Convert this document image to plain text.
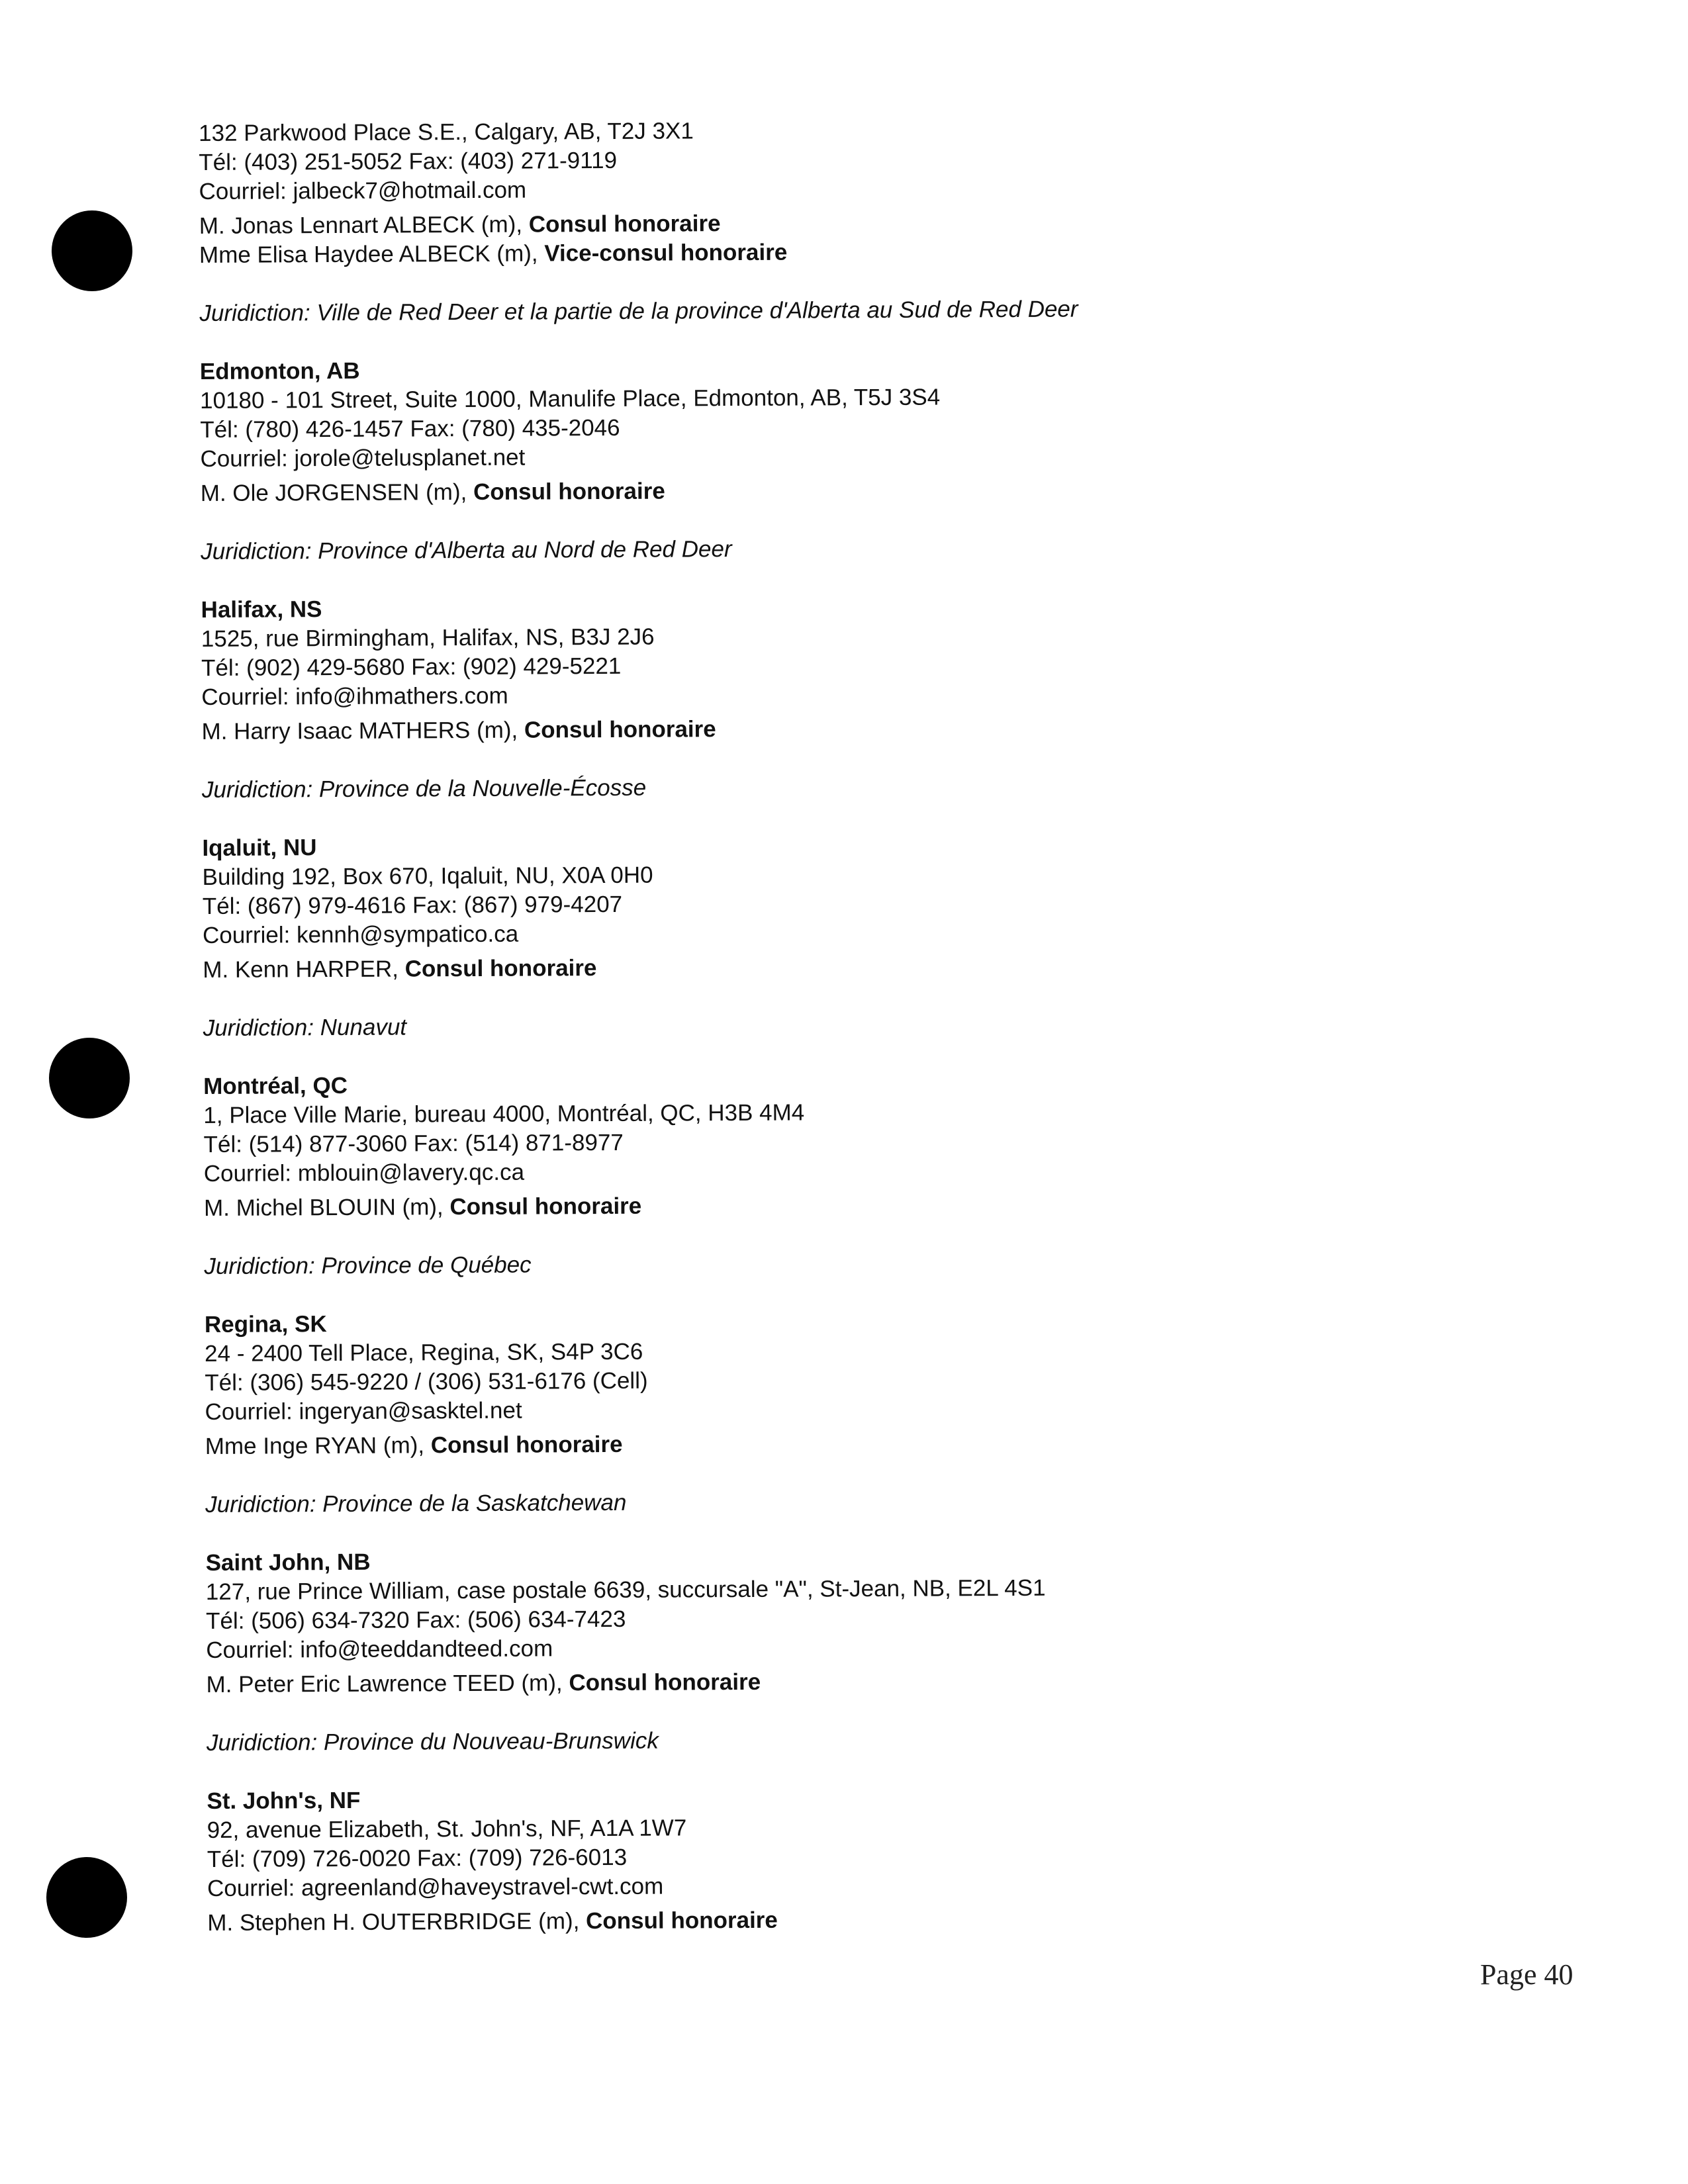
132 Parkwood Place S.E., Calgary, AB, T2J 3X1
Tél: (403) 251-5052 Fax: (403) 271-9119
Courriel: jalbeck7@hotmail.com
M. Jonas Lennart ALBECK (m), Consul honoraire
Mme Elisa Haydee ALBECK (m), Vice-consul honoraire
Juridiction: Ville de Red Deer et la partie de la province d'Alberta au Sud de Red Deer
Edmonton, AB
10180 - 101 Street, Suite 1000, Manulife Place, Edmonton, AB, T5J 3S4
Tél: (780) 426-1457 Fax: (780) 435-2046
Courriel: jorole@telusplanet.net
M. Ole JORGENSEN (m), Consul honoraire
Juridiction: Province d'Alberta au Nord de Red Deer
Halifax, NS
1525, rue Birmingham, Halifax, NS, B3J 2J6
Tél: (902) 429-5680 Fax: (902) 429-5221
Courriel: info@ihmathers.com
M. Harry Isaac MATHERS (m), Consul honoraire
Juridiction: Province de la Nouvelle-Écosse
Iqaluit, NU
Building 192, Box 670, Iqaluit, NU, X0A 0H0
Tél: (867) 979-4616 Fax: (867) 979-4207
Courriel: kennh@sympatico.ca
M. Kenn HARPER, Consul honoraire
Juridiction: Nunavut
Montréal, QC
1, Place Ville Marie, bureau 4000, Montréal, QC, H3B 4M4
Tél: (514) 877-3060 Fax: (514) 871-8977
Courriel: mblouin@lavery.qc.ca
M. Michel BLOUIN (m), Consul honoraire
Juridiction: Province de Québec
Regina, SK
24 - 2400 Tell Place, Regina, SK, S4P 3C6
Tél: (306) 545-9220 / (306) 531-6176 (Cell)
Courriel: ingeryan@sasktel.net
Mme Inge RYAN (m), Consul honoraire
Juridiction: Province de la Saskatchewan
Saint John, NB
127, rue Prince William, case postale 6639, succursale "A", St-Jean, NB, E2L 4S1
Tél: (506) 634-7320 Fax: (506) 634-7423
Courriel: info@teeddandteed.com
M. Peter Eric Lawrence TEED (m), Consul honoraire
Juridiction: Province du Nouveau-Brunswick
St. John's, NF
92, avenue Elizabeth, St. John's, NF, A1A 1W7
Tél: (709) 726-0020 Fax: (709) 726-6013
Courriel: agreenland@haveystravel-cwt.com
M. Stephen H. OUTERBRIDGE (m), Consul honoraire
Page 40
